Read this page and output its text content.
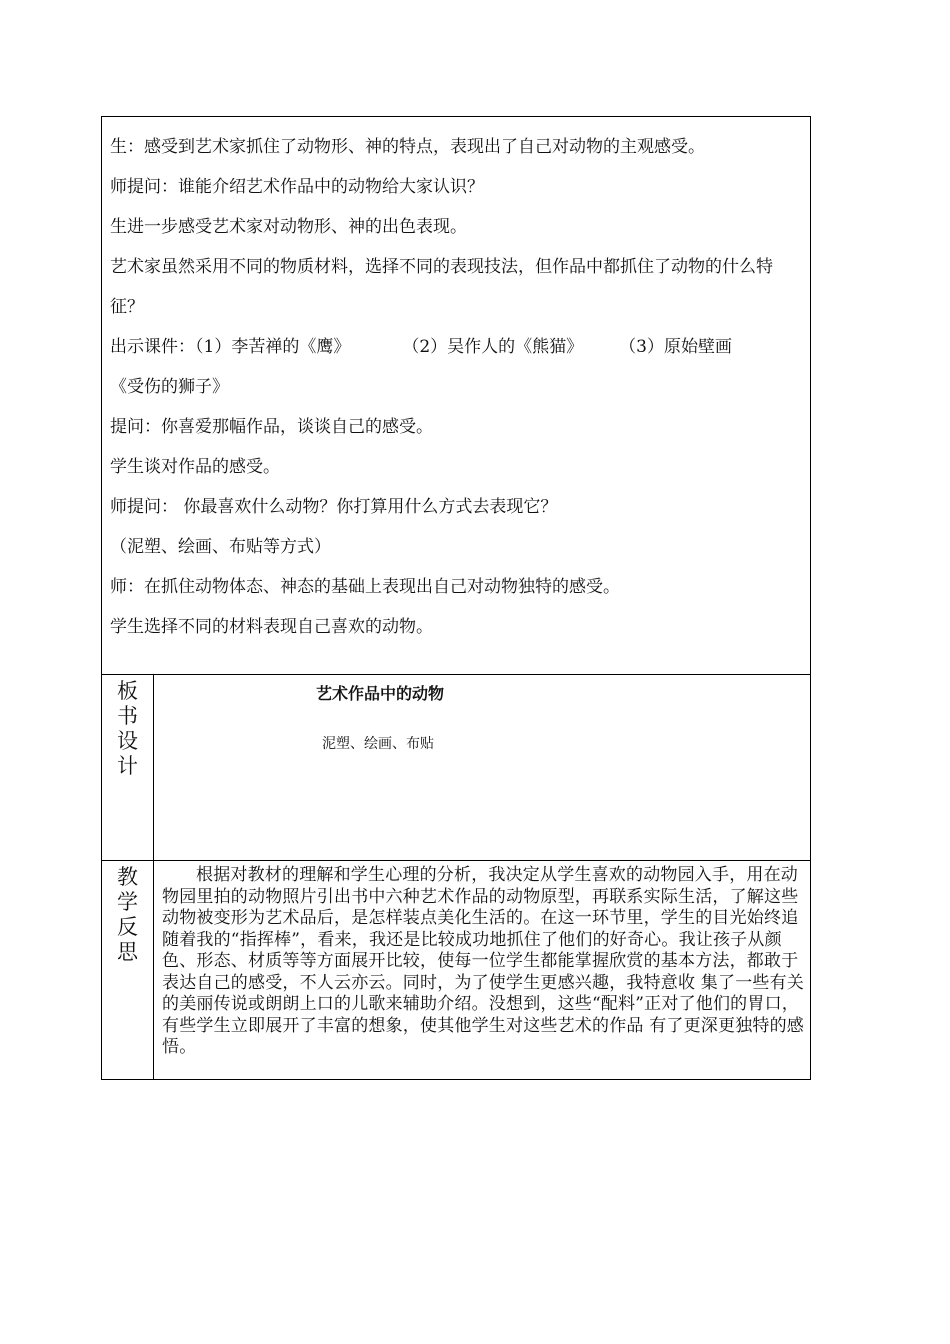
生：感受到艺术家抓住了动物形、神的特点，表现出了自己对动物的主观感受。

师提问：谁能介绍艺术作品中的动物给大家认识？

生进一步感受艺术家对动物形、神的出色表现。

艺术家虽然采用不同的物质材料，选择不同的表现技法，但作品中都抓住了动物的什么特征？

出示课件：（1）李苦禅的《鹰》	（2）吴作人的《熊猫》 （3）原始壁画

《受伤的狮子》

提问：你喜爱那幅作品，谈谈自己的感受。

学生谈对作品的感受。

师提问： 你最喜欢什么动物？你打算用什么方式去表现它？

（泥塑、绘画、布贴等方式）

师：在抓住动物体态、神态的基础上表现出自己对动物独特的感受。

学生选择不同的材料表现自己喜欢的动物。

板书设计
艺术作品中的动物
泥塑、绘画、布贴
教学反思

根据对教材的理解和学生心理的分析，我决定从学生喜欢的动物园入手，用在动物园里拍的动物照片引出书中六种艺术作品的动物原型，再联系实际生活，了解这些 动物被变形为艺术品后，是怎样装点美化生活的。在这一环节里，学生的目光始终追随着我的“指挥棒”，看来，我还是比较成功地抓住了他们的好奇心。我让孩子从颜色、形态、材质等等方面展开比较，使每一位学生都能掌握欣赏的基本方法，都敢于表达自己的感受，不人云亦云。同时，为了使学生更感兴趣，我特意收 集了一些有关的美丽传说或朗朗上口的儿歌来辅助介绍。没想到，这些“配料”正对了他们的胃口，有些学生立即展开了丰富的想象，使其他学生对这些艺术的作品 有了更深更独特的感悟。
